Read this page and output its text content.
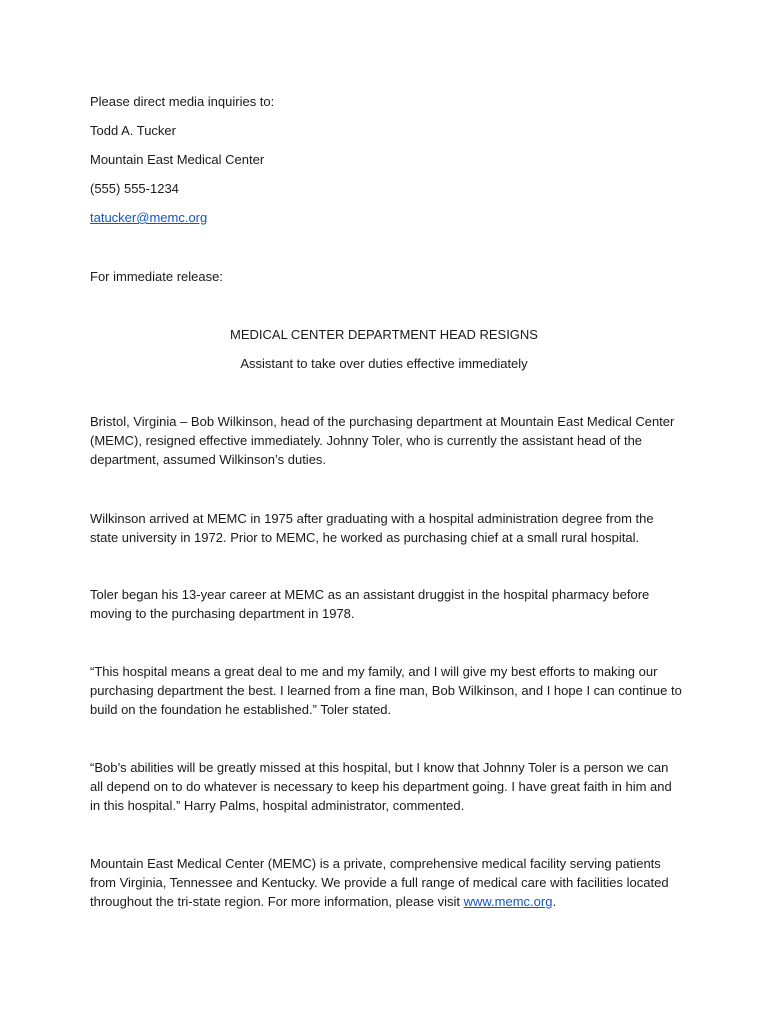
Please direct media inquiries to:
Todd A. Tucker
Mountain East Medical Center
(555) 555-1234
tatucker@memc.org
For immediate release:
MEDICAL CENTER DEPARTMENT HEAD RESIGNS
Assistant to take over duties effective immediately
Bristol, Virginia – Bob Wilkinson, head of the purchasing department at Mountain East Medical Center (MEMC), resigned effective immediately. Johnny Toler, who is currently the assistant head of the department, assumed Wilkinson’s duties.
Wilkinson arrived at MEMC in 1975 after graduating with a hospital administration degree from the state university in 1972. Prior to MEMC, he worked as purchasing chief at a small rural hospital.
Toler began his 13-year career at MEMC as an assistant druggist in the hospital pharmacy before moving to the purchasing department in 1978.
“This hospital means a great deal to me and my family, and I will give my best efforts to making our purchasing department the best. I learned from a fine man, Bob Wilkinson, and I hope I can continue to build on the foundation he established.” Toler stated.
“Bob’s abilities will be greatly missed at this hospital, but I know that Johnny Toler is a person we can all depend on to do whatever is necessary to keep his department going. I have great faith in him and in this hospital.” Harry Palms, hospital administrator, commented.
Mountain East Medical Center (MEMC) is a private, comprehensive medical facility serving patients from Virginia, Tennessee and Kentucky. We provide a full range of medical care with facilities located throughout the tri-state region. For more information, please visit www.memc.org.
